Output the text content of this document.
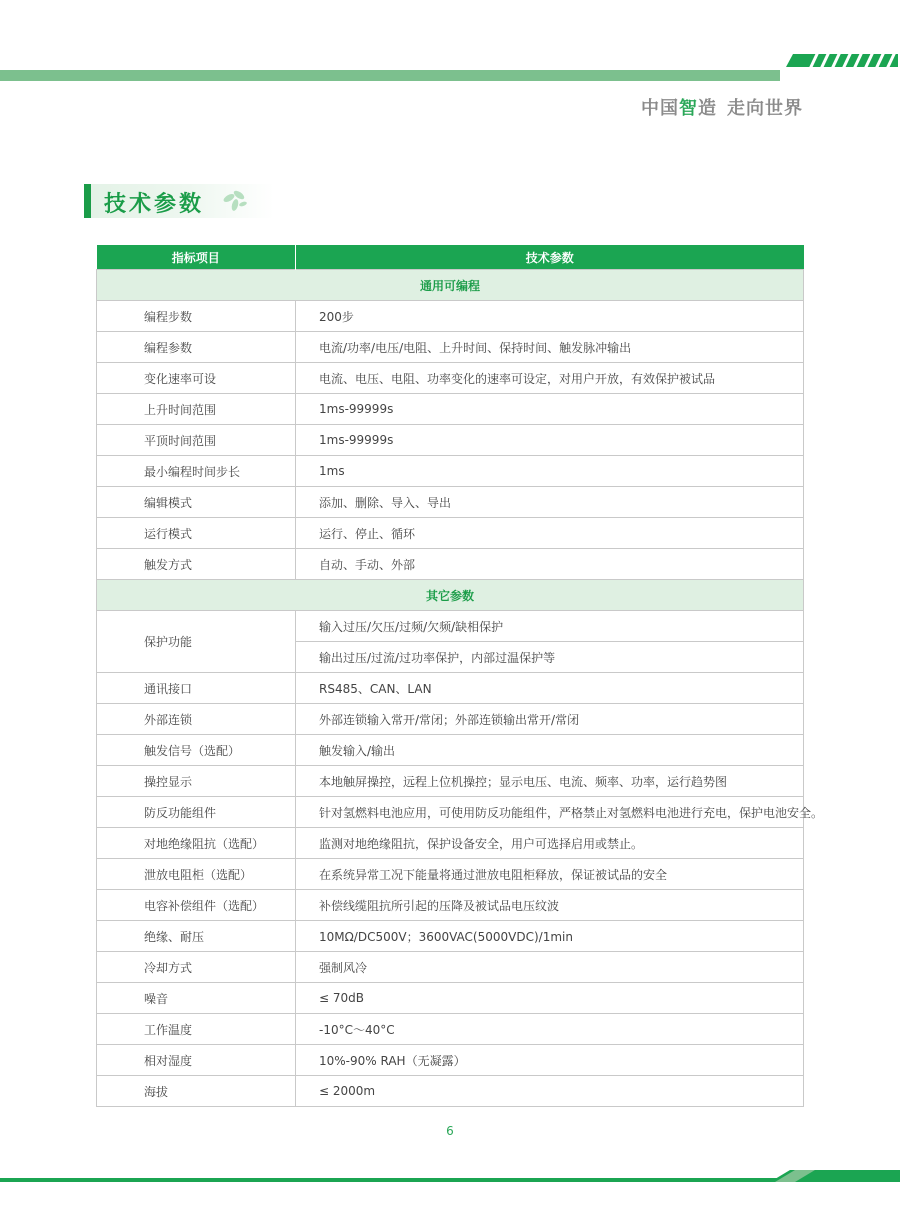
中国智造 走向世界
技术参数
指标项目	技术参数
通用可编程	
编程步数	200步
编程参数	电流/功率/电压/电阻、上升时间、保持时间、触发脉冲输出
变化速率可设	电流、电压、电阻、功率变化的速率可设定，对用户开放，有效保护被试品
上升时间范围	1ms-99999s
平顶时间范围	1ms-99999s
最小编程时间步长	1ms
编辑模式	添加、删除、导入、导出
运行模式	运行、停止、循环
触发方式	自动、手动、外部
其它参数	
保护功能	输入过压/欠压/过频/欠频/缺相保护
	输出过压/过流/过功率保护，内部过温保护等
通讯接口	RS485、CAN、LAN
外部连锁	外部连锁输入常开/常闭；外部连锁输出常开/常闭
触发信号（选配）	触发输入/输出
操控显示	本地触屏操控，远程上位机操控；显示电压、电流、频率、功率，运行趋势图
防反功能组件	针对氢燃料电池应用，可使用防反功能组件，严格禁止对氢燃料电池进行充电，保护电池安全。
对地绝缘阻抗（选配）	监测对地绝缘阻抗，保护设备安全，用户可选择启用或禁止。
泄放电阻柜（选配）	在系统异常工况下能量将通过泄放电阻柜释放，保证被试品的安全
电容补偿组件（选配）	补偿线缆阻抗所引起的压降及被试品电压纹波
绝缘、耐压	10MΩ/DC500V；3600VAC(5000VDC)/1min
冷却方式	强制风冷
噪音	≤ 70dB
工作温度	-10°C～40°C
相对湿度	10%-90% RAH（无凝露）
海拔	≤ 2000m
6
